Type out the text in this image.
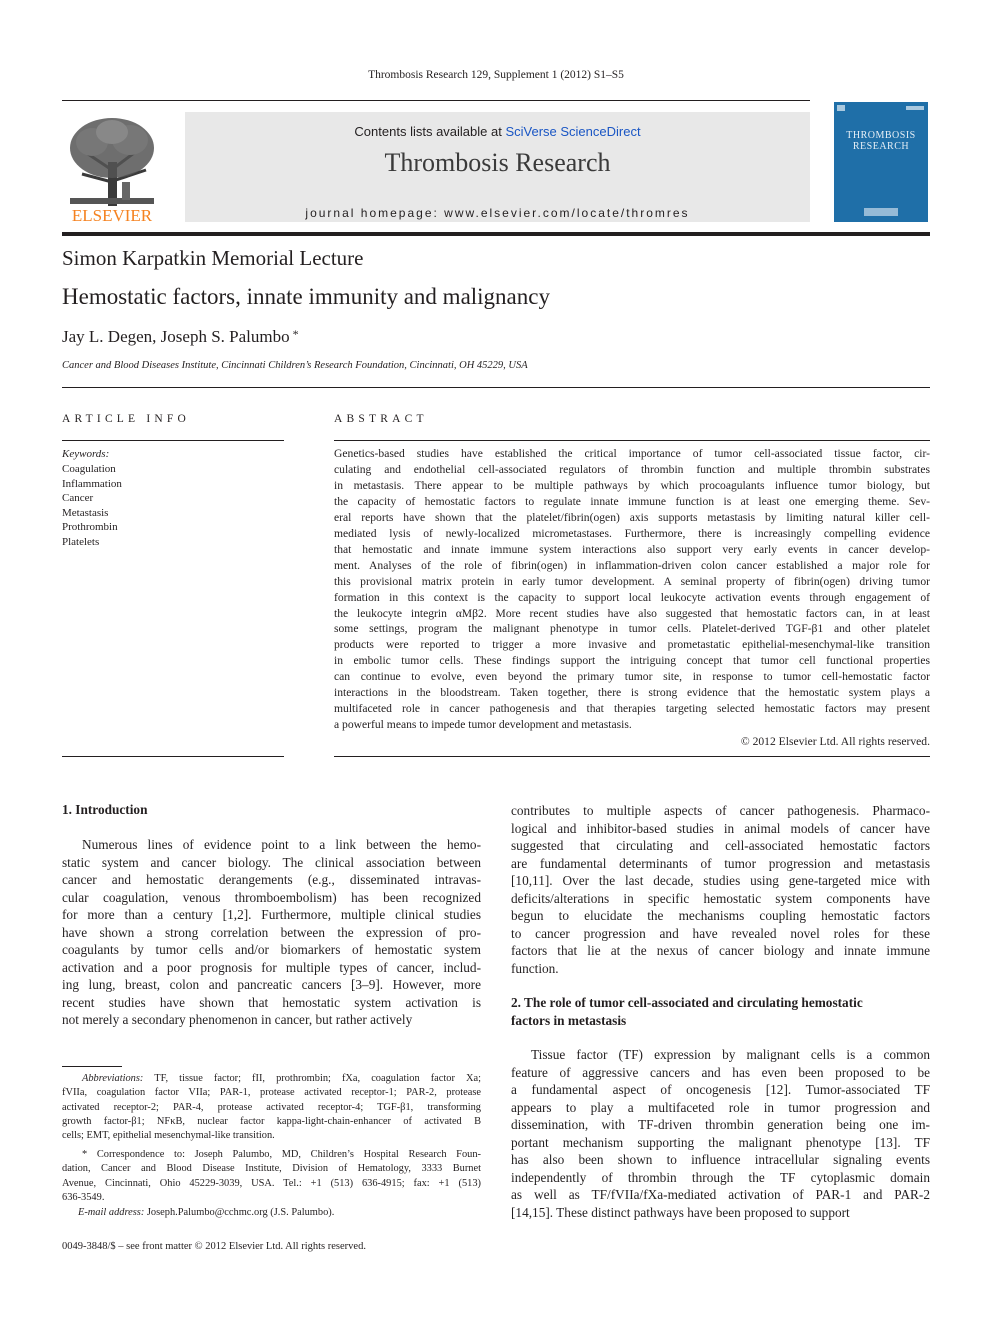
Thrombosis Research 129, Supplement 1 (2012) S1–S5
ELSEVIER
Contents lists available at SciVerse ScienceDirect
Thrombosis Research
journal homepage: www.elsevier.com/locate/thromres
THROMBOSIS
RESEARCH
Simon Karpatkin Memorial Lecture
Hemostatic factors, innate immunity and malignancy
Jay L. Degen, Joseph S. Palumbo *
Cancer and Blood Diseases Institute, Cincinnati Children’s Research Foundation, Cincinnati, OH 45229, USA
ARTICLE INFO	ABSTRACT
Keywords:
Coagulation
Inflammation
Cancer
Metastasis
Prothrombin
Platelets
Genetics-based studies have established the critical importance of tumor cell-associated tissue factor, cir-
culating and endothelial cell-associated regulators of thrombin function and multiple thrombin substrates
in metastasis. There appear to be multiple pathways by which procoagulants influence tumor biology, but
the capacity of hemostatic factors to regulate innate immune function is at least one emerging theme. Sev-
eral reports have shown that the platelet/fibrin(ogen) axis supports metastasis by limiting natural killer cell-
mediated lysis of newly-localized micrometastases. Furthermore, there is increasingly compelling evidence
that hemostatic and innate immune system interactions also support very early events in cancer develop-
ment. Analyses of the role of fibrin(ogen) in inflammation-driven colon cancer established a major role for
this provisional matrix protein in early tumor development. A seminal property of fibrin(ogen) driving tumor
formation in this context is the capacity to support local leukocyte activation events through engagement of
the leukocyte integrin αMβ2. More recent studies have also suggested that hemostatic factors can, in at least
some settings, program the malignant phenotype in tumor cells. Platelet-derived TGF-β1 and other platelet
products were reported to trigger a more invasive and prometastatic epithelial-mesenchymal-like transition
in embolic tumor cells. These findings support the intriguing concept that tumor cell functional properties
can continue to evolve, even beyond the primary tumor site, in response to tumor cell-hemostatic factor
interactions in the bloodstream. Taken together, there is strong evidence that the hemostatic system plays a
multifaceted role in cancer pathogenesis and that therapies targeting selected hemostatic factors may present
a powerful means to impede tumor development and metastasis.
© 2012 Elsevier Ltd. All rights reserved.
1. Introduction
Numerous lines of evidence point to a link between the hemo-
static system and cancer biology. The clinical association between
cancer and hemostatic derangements (e.g., disseminated intravas-
cular coagulation, venous thromboembolism) has been recognized
for more than a century [1,2]. Furthermore, multiple clinical studies
have shown a strong correlation between the expression of pro-
coagulants by tumor cells and/or biomarkers of hemostatic system
activation and a poor prognosis for multiple types of cancer, includ-
ing lung, breast, colon and pancreatic cancers [3–9]. However, more
recent studies have shown that hemostatic system activation is
not merely a secondary phenomenon in cancer, but rather actively
Abbreviations: TF, tissue factor; fII, prothrombin; fXa, coagulation factor Xa;
fVIIa, coagulation factor VIIa; PAR-1, protease activated receptor-1; PAR-2, protease
activated receptor-2; PAR-4, protease activated receptor-4; TGF-β1, transforming
growth factor-β1; NFκB, nuclear factor kappa-light-chain-enhancer of activated B
cells; EMT, epithelial mesenchymal-like transition.
* Correspondence to: Joseph Palumbo, MD, Children’s Hospital Research Foun-
dation, Cancer and Blood Disease Institute, Division of Hematology, 3333 Burnet
Avenue, Cincinnati, Ohio 45229-3039, USA. Tel.: +1 (513) 636-4915; fax: +1 (513)
636-3549.
E-mail address: Joseph.Palumbo@cchmc.org (J.S. Palumbo).
0049-3848/$ – see front matter © 2012 Elsevier Ltd. All rights reserved.
contributes to multiple aspects of cancer pathogenesis. Pharmaco-
logical and inhibitor-based studies in animal models of cancer have
suggested that circulating and cell-associated hemostatic factors
are fundamental determinants of tumor progression and metastasis
[10,11]. Over the last decade, studies using gene-targeted mice with
deficits/alterations in specific hemostatic system components have
begun to elucidate the mechanisms coupling hemostatic factors
to cancer progression and have revealed novel roles for these
factors that lie at the nexus of cancer biology and innate immune
function.
2. The role of tumor cell-associated and circulating hemostatic
factors in metastasis
Tissue factor (TF) expression by malignant cells is a common
feature of aggressive cancers and has even been proposed to be
a fundamental aspect of oncogenesis [12]. Tumor-associated TF
appears to play a multifaceted role in tumor progression and
dissemination, with TF-driven thrombin generation being one im-
portant mechanism supporting the malignant phenotype [13]. TF
has also been shown to influence intracellular signaling events
independently of thrombin through the TF cytoplasmic domain
as well as TF/fVIIa/fXa-mediated activation of PAR-1 and PAR-2
[14,15]. These distinct pathways have been proposed to support
